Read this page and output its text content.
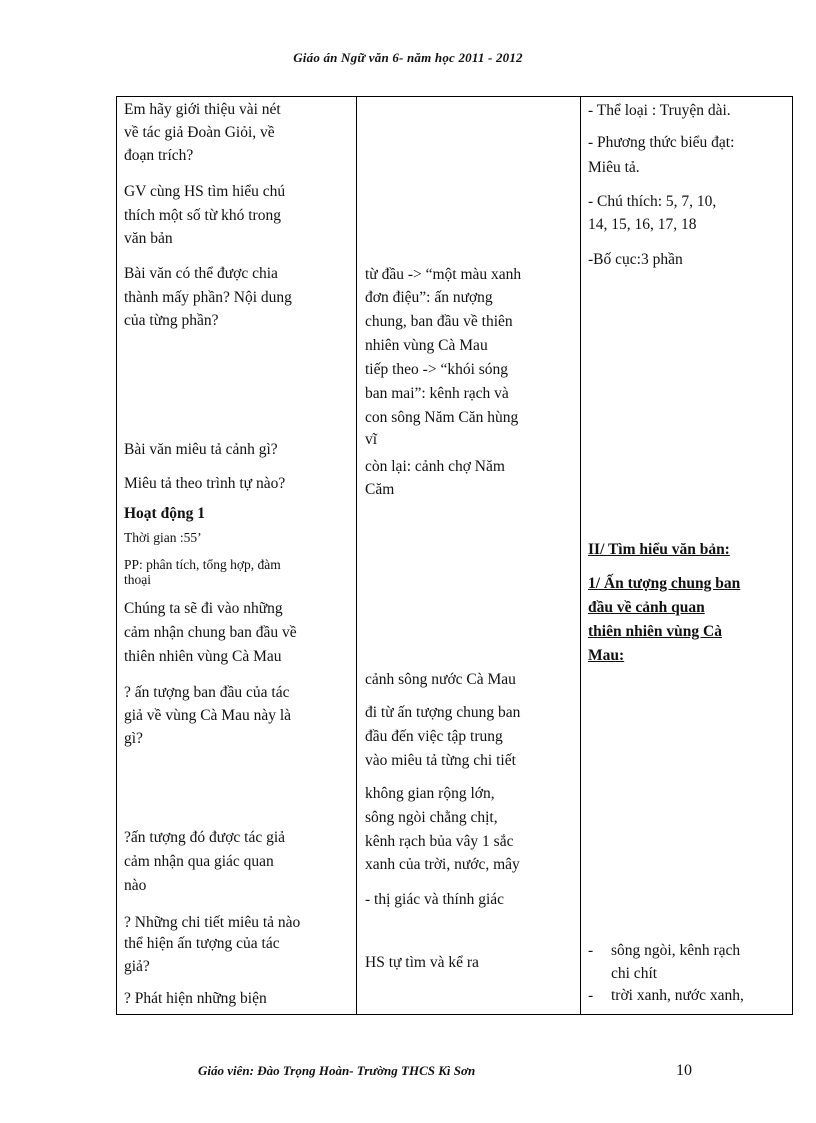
Giáo án Ngữ văn 6- năm học 2011 - 2012
Em hãy giới thiệu vài nét
về tác giả Đoàn Giỏi, về
đoạn trích?
GV cùng HS tìm hiểu chú
thích một số từ khó trong
văn bản
Bài văn có thể được chia
thành mấy phần? Nội dung
của từng phần?
Bài văn miêu tả cảnh gì?
Miêu tả theo trình tự nào?
Hoạt động 1
Thời gian :55’
PP: phân tích, tổng hợp, đàm
thoại
Chúng ta sẽ đi vào những
cảm nhận chung ban đầu về
thiên nhiên vùng Cà Mau
? ấn tượng ban đầu của tác
giả về vùng Cà Mau này là
gì?
?ấn tượng đó được tác giả
cảm nhận qua giác quan
nào
? Những chi tiết miêu tả nào
thể hiện ấn tượng của tác
giả?
? Phát hiện những biện
từ đầu -> “một màu xanh
đơn điệu”: ấn nượng
chung, ban đầu về thiên
nhiên vùng Cà Mau
tiếp theo -> “khói sóng
ban mai”: kênh rạch và
con sông Năm Căn hùng
vĩ
còn lại: cảnh chợ Năm
Căm
cảnh sông nước Cà Mau
đi từ ấn tượng chung ban
đầu đến việc tập trung
vào miêu tả từng chi tiết
không gian rộng lớn,
sông ngòi chằng chịt,
kênh rạch bủa vây 1 sắc
xanh của trời, nước, mây
- thị giác và thính giác
HS tự tìm và kể ra
- Thể loại : Truyện dài.
- Phương thức biểu đạt:
Miêu tả.
- Chú thích: 5, 7, 10,
14, 15, 16, 17, 18
-Bố cục:3 phần
II/ Tìm hiểu văn bản:
1/ Ấn tượng chung ban
đầu về cảnh quan
thiên nhiên vùng Cà
Mau:
- sông ngòi, kênh rạch
chi chít
- trời xanh, nước xanh,
Giáo viên: Đào Trọng Hoàn- Trường THCS Kì Sơn	10
